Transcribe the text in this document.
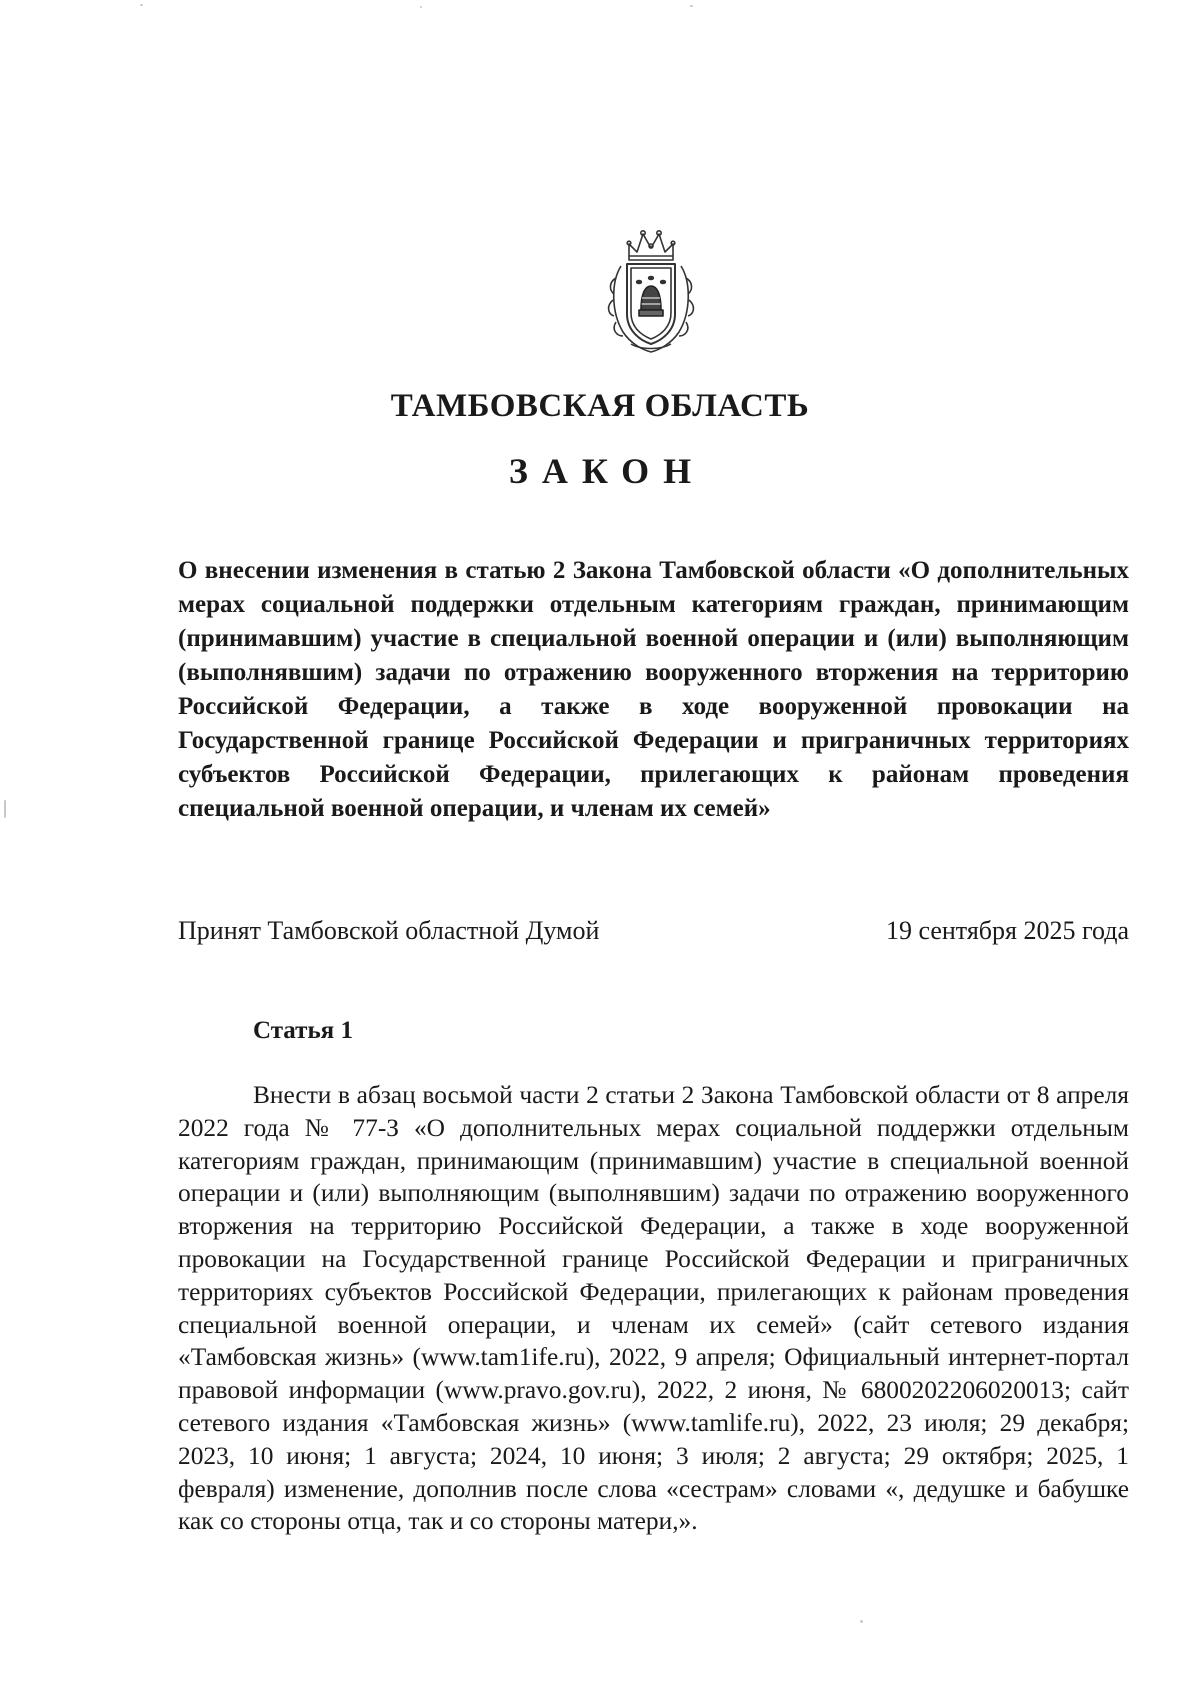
ТАМБОВСКАЯ ОБЛАСТЬ
ЗАКОН
О внесении изменения в статью 2 Закона Тамбовской области «О дополнительных мерах социальной поддержки отдельным категориям граждан, принимающим (принимавшим) участие в специальной военной операции и (или) выполняющим (выполнявшим) задачи по отражению вооруженного вторжения на территорию Российской Федерации, а также в ходе вооруженной провокации на Государственной границе Российской Федерации и приграничных территориях субъектов Российской Федерации, прилегающих к районам проведения специальной военной операции, и членам их семей»
Принят Тамбовской областной Думой	19 сентября 2025 года
Статья 1

Внести в абзац восьмой части 2 статьи 2 Закона Тамбовской области от 8 апреля 2022 года № 77-З «О дополнительных мерах социальной поддержки отдельным категориям граждан, принимающим (принимавшим) участие в специальной военной операции и (или) выполняющим (выполнявшим) задачи по отражению вооруженного вторжения на территорию Российской Федерации, а также в ходе вооруженной провокации на Государственной границе Российской Федерации и приграничных территориях субъектов Российской Федерации, прилегающих к районам проведения специальной военной операции, и членам их семей» (сайт сетевого издания «Тамбовская жизнь» (www.tam1ife.ru), 2022, 9 апреля; Официальный интернет-портал правовой информации (www.pravo.gov.ru), 2022, 2 июня, № 6800202206020013; сайт сетевого издания «Тамбовская жизнь» (www.tamlife.ru), 2022, 23 июля; 29 декабря; 2023, 10 июня; 1 августа; 2024, 10 июня; 3 июля; 2 августа; 29 октября; 2025, 1 февраля) изменение, дополнив после слова «сестрам» словами «, дедушке и бабушке как со стороны отца, так и со стороны матери,».
